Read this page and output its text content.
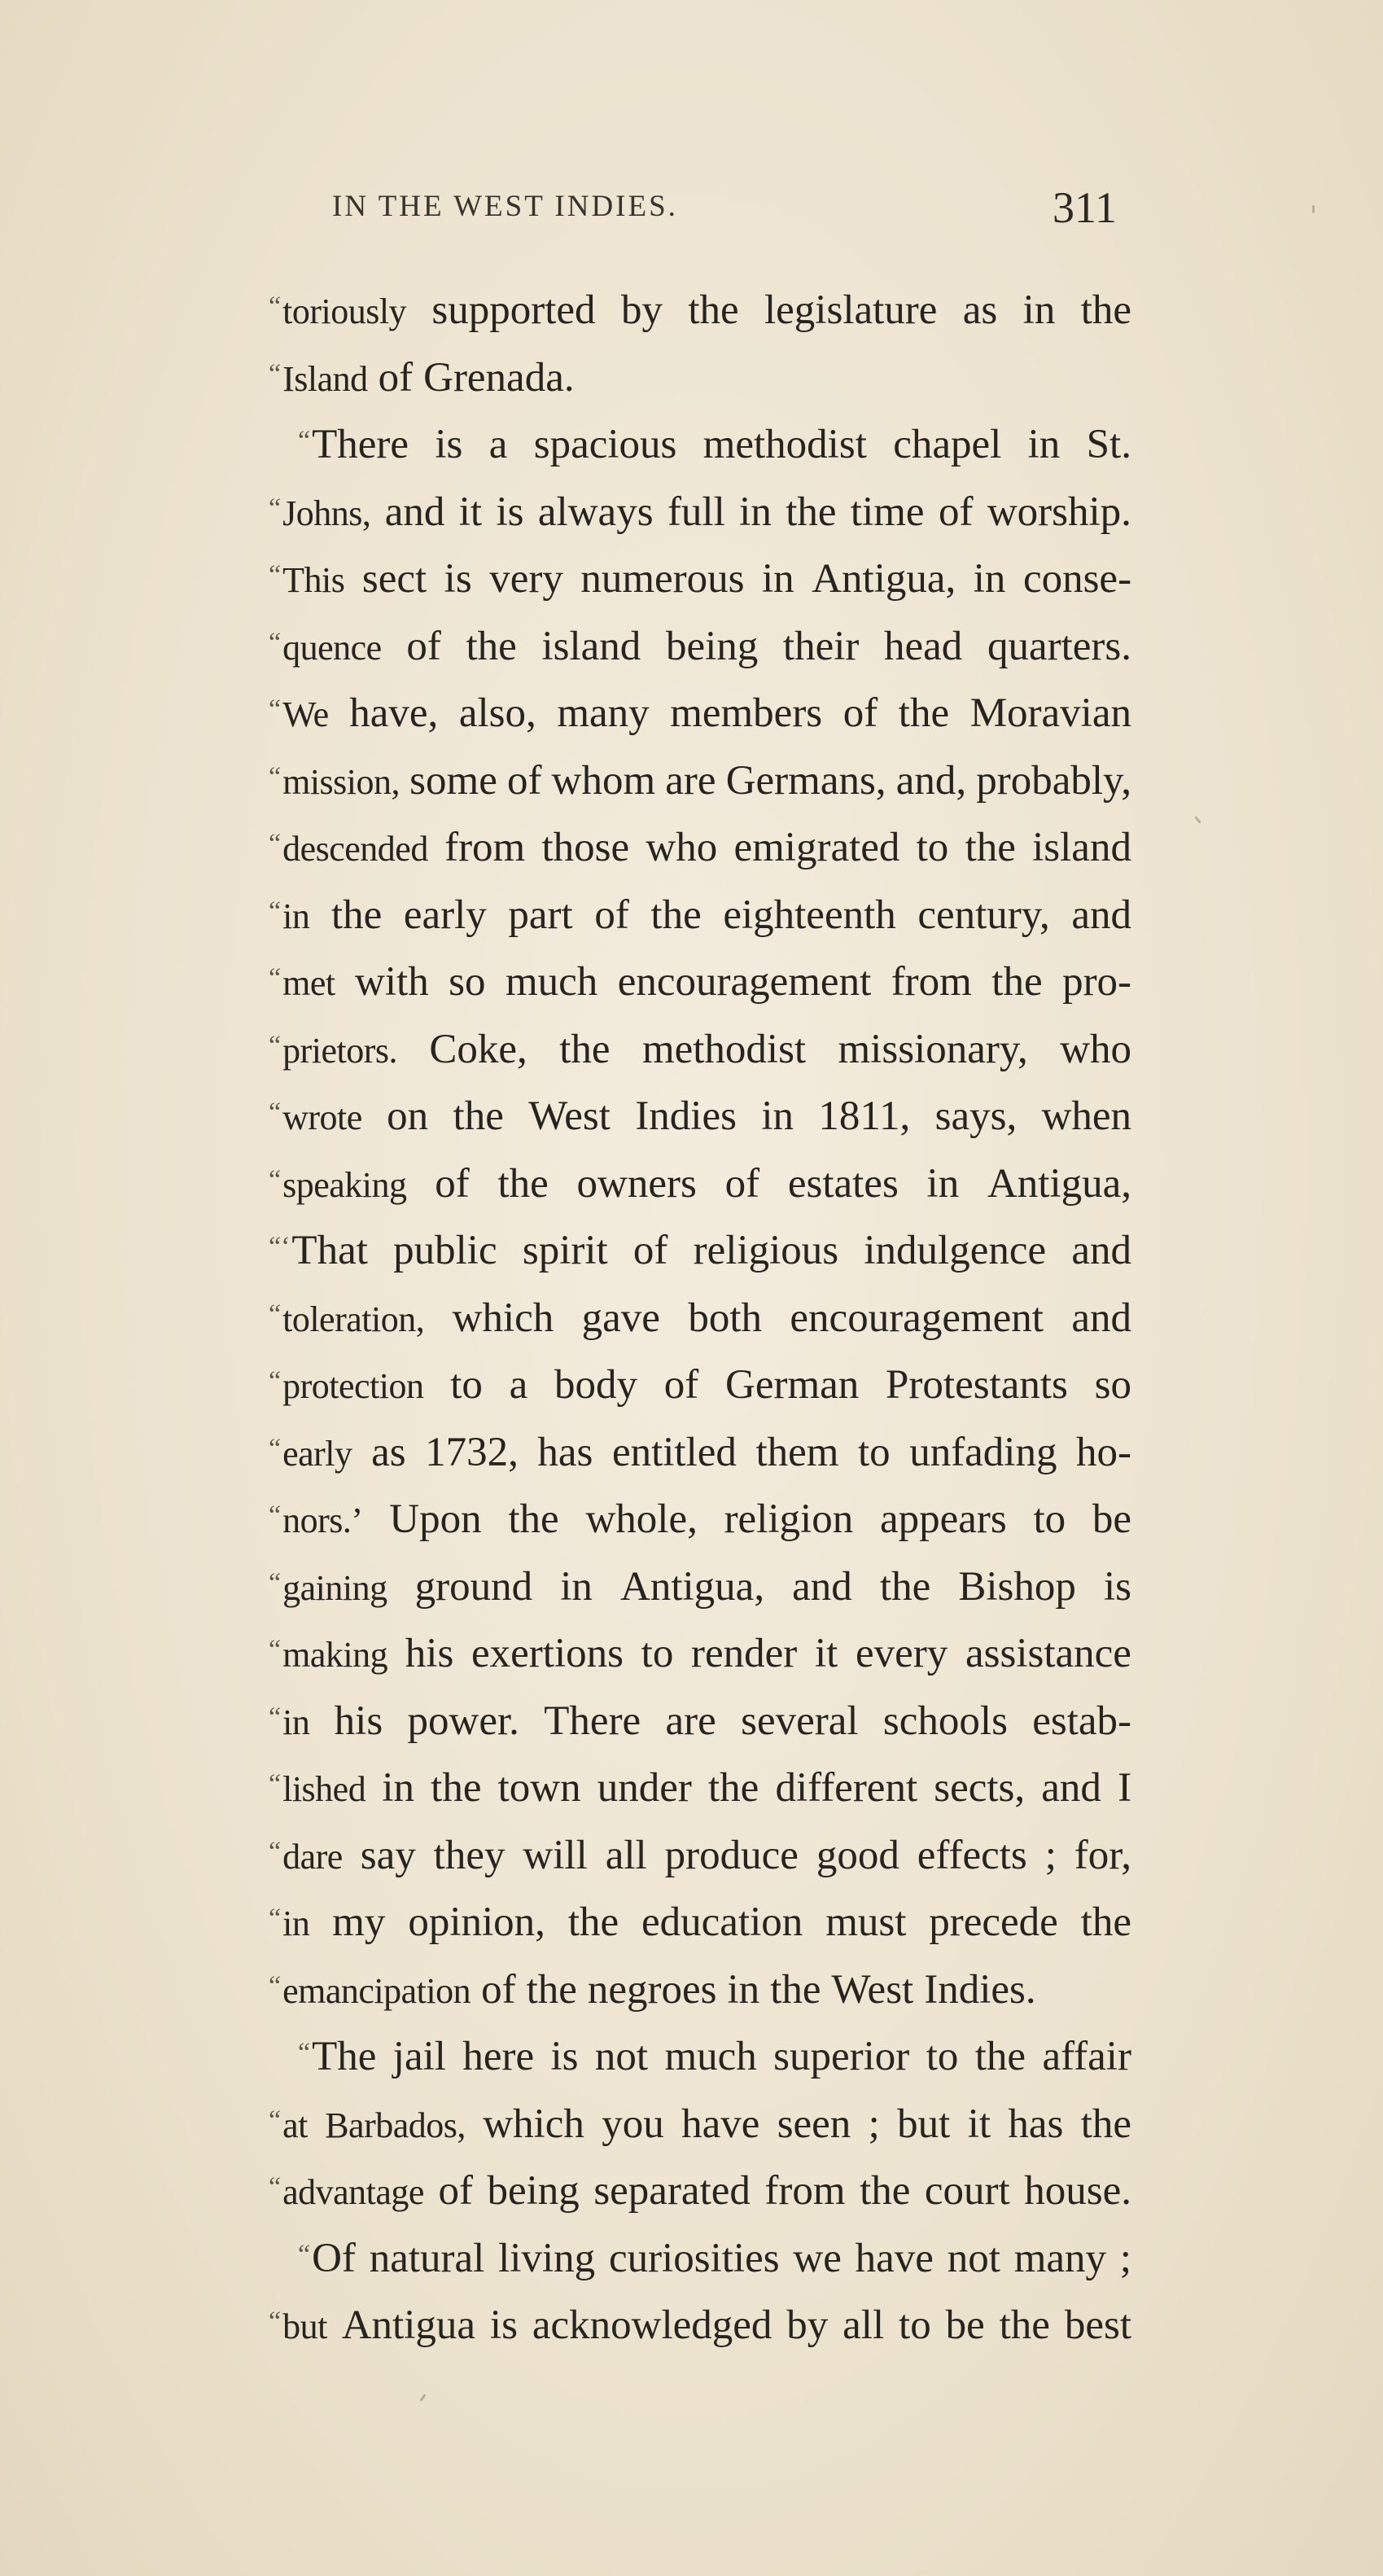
IN THE WEST INDIES.	311
“ toriously supported by the legislature as in the
“ Island of Grenada.
“ There is a spacious methodist chapel in St.
“ Johns, and it is always full in the time of worship.
“ This sect is very numerous in Antigua, in conse-
“ quence of the island being their head quarters.
“ We have, also, many members of the Moravian
“ mission, some of whom are Germans, and, probably,
“ descended from those who emigrated to the island
“ in the early part of the eighteenth century, and
“ met with so much encouragement from the pro-
“ prietors. Coke, the methodist missionary, who
“ wrote on the West Indies in 1811, says, when
“ speaking of the owners of estates in Antigua,
“‘ That public spirit of religious indulgence and
“ toleration, which gave both encouragement and
“ protection to a body of German Protestants so
“ early as 1732, has entitled them to unfading ho-
“ nors.’ Upon the whole, religion appears to be
“ gaining ground in Antigua, and the Bishop is
“ making his exertions to render it every assistance
“ in his power. There are several schools estab-
“ lished in the town under the different sects, and I
“ dare say they will all produce good effects ; for,
“ in my opinion, the education must precede the
“ emancipation of the negroes in the West Indies.
“ The jail here is not much superior to the affair
“ at Barbados, which you have seen ; but it has the
“ advantage of being separated from the court house.
“ Of natural living curiosities we have not many ;
“ but Antigua is acknowledged by all to be the best
